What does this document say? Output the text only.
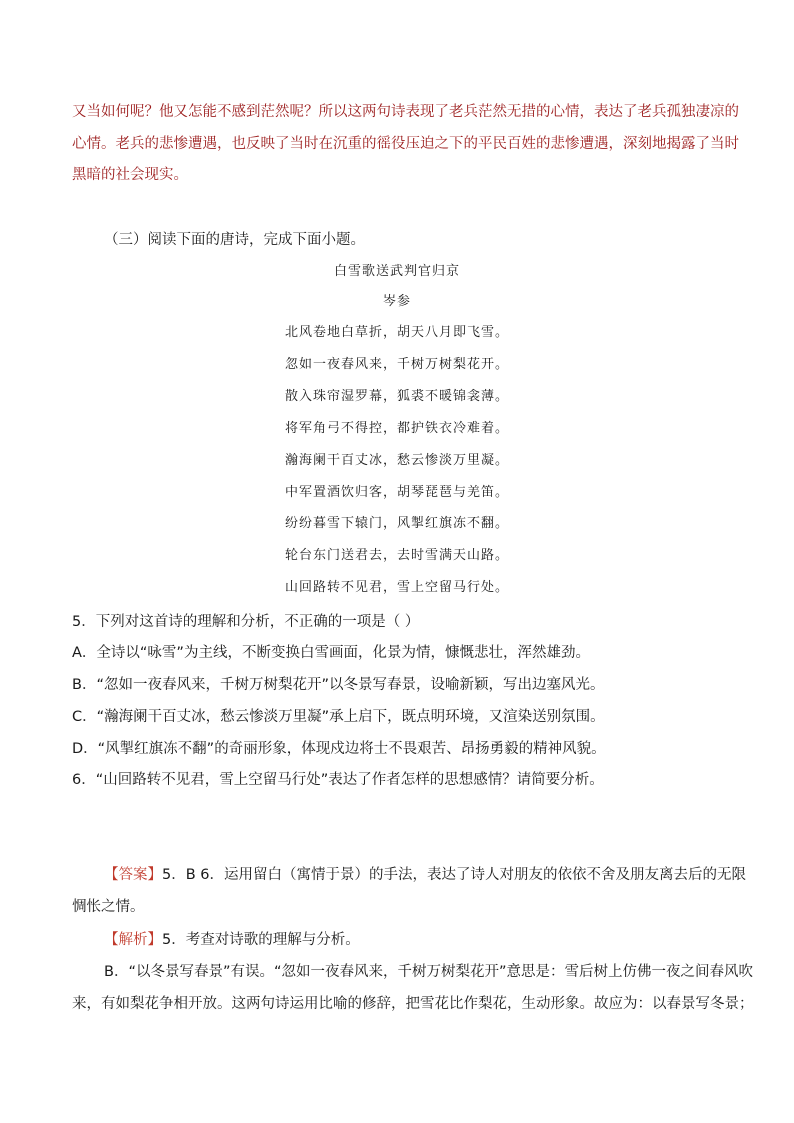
又当如何呢？他又怎能不感到茫然呢？所以这两句诗表现了老兵茫然无措的心情，表达了老兵孤独凄凉的
心情。老兵的悲惨遭遇，也反映了当时在沉重的徭役压迫之下的平民百姓的悲惨遭遇，深刻地揭露了当时
黑暗的社会现实。
（三）阅读下面的唐诗，完成下面小题。
白雪歌送武判官归京
岑参
北风卷地白草折，胡天八月即飞雪。
忽如一夜春风来，千树万树梨花开。
散入珠帘湿罗幕，狐裘不暖锦衾薄。
将军角弓不得控，都护铁衣冷难着。
瀚海阑干百丈冰，愁云惨淡万里凝。
中军置酒饮归客，胡琴琵琶与羌笛。
纷纷暮雪下辕门，风掣红旗冻不翻。
轮台东门送君去，去时雪满天山路。
山回路转不见君，雪上空留马行处。
5．下列对这首诗的理解和分析，不正确的一项是（ ）
A．全诗以“咏雪”为主线，不断变换白雪画面，化景为情，慷慨悲壮，浑然雄劲。
B．“忽如一夜春风来，千树万树梨花开”以冬景写春景，设喻新颖，写出边塞风光。
C．“瀚海阑干百丈冰，愁云惨淡万里凝”承上启下，既点明环境，又渲染送别氛围。
D．“风掣红旗冻不翻”的奇丽形象，体现戍边将士不畏艰苦、昂扬勇毅的精神风貌。
6．“山回路转不见君，雪上空留马行处”表达了作者怎样的思想感情？请简要分析。
【答案】5．B 6．运用留白（寓情于景）的手法，表达了诗人对朋友的依依不舍及朋友离去后的无限
惆怅之情。
【解析】5．考查对诗歌的理解与分析。
B．“以冬景写春景”有误。“忽如一夜春风来，千树万树梨花开”意思是：雪后树上仿佛一夜之间春风吹
来，有如梨花争相开放。这两句诗运用比喻的修辞，把雪花比作梨花，生动形象。故应为：以春景写冬景；
